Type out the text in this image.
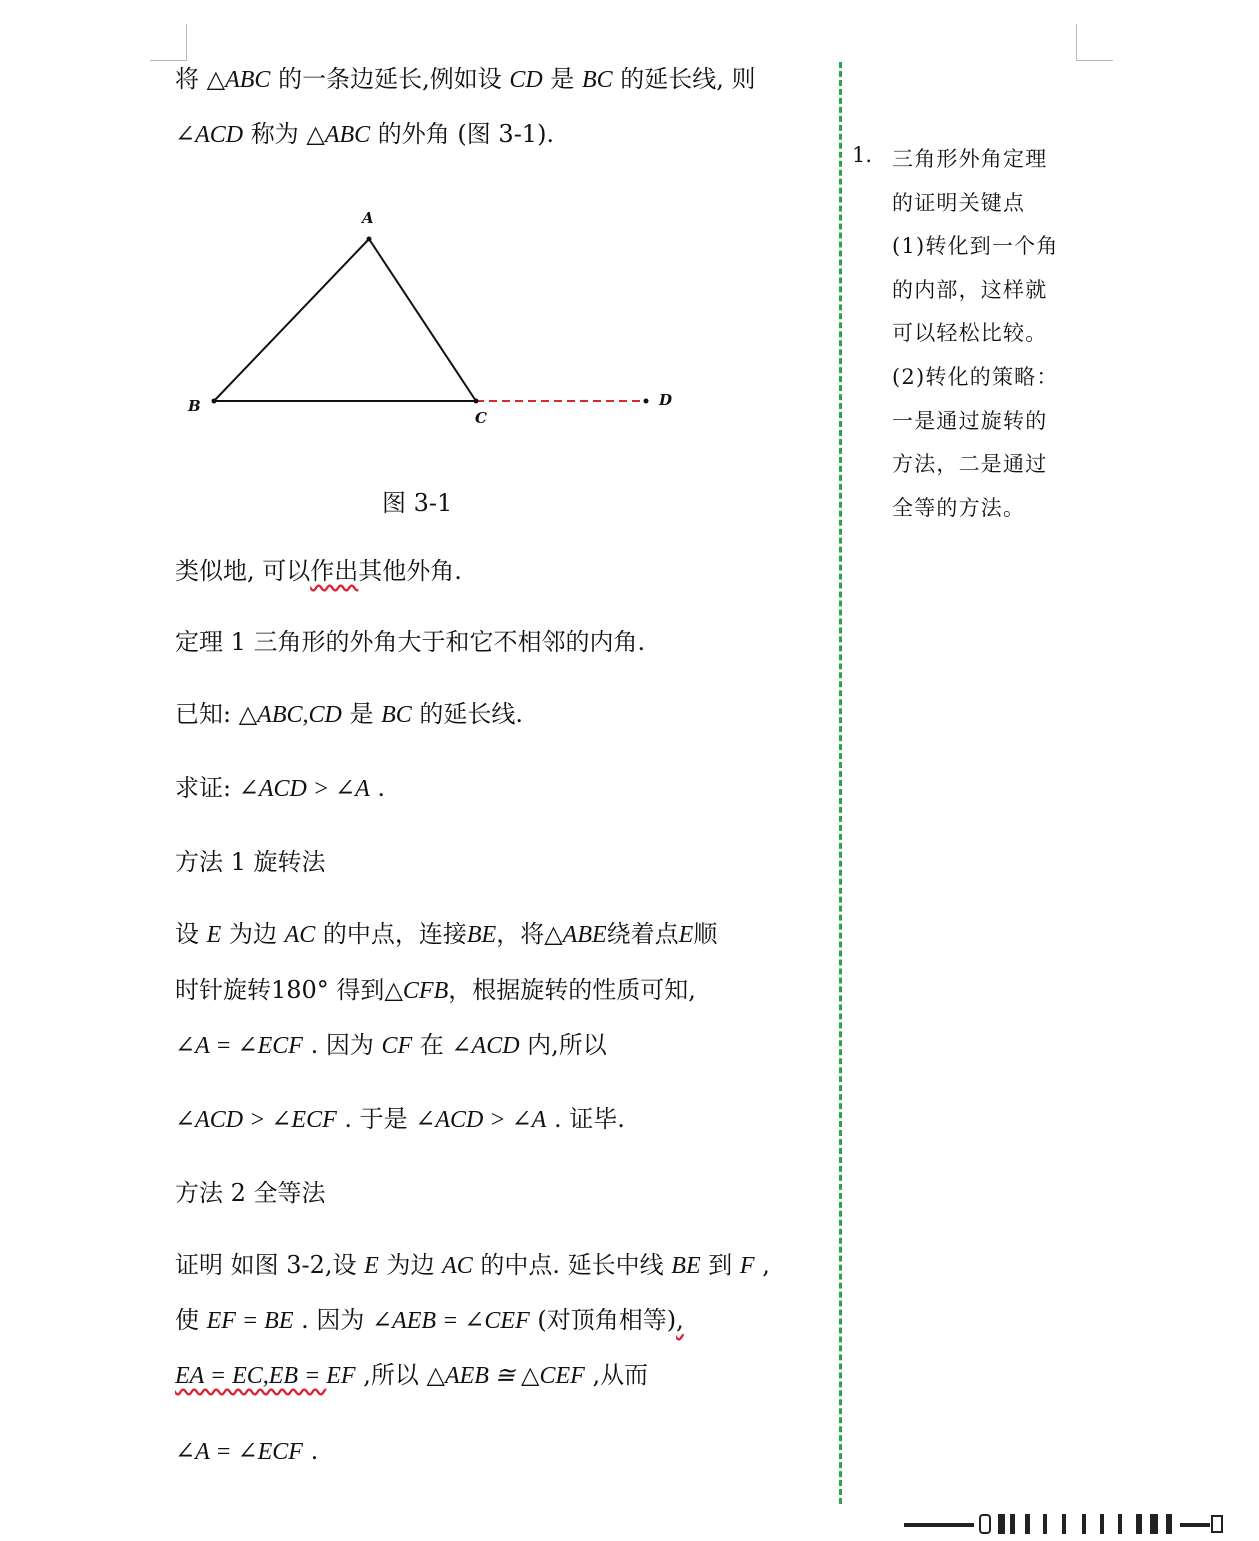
将 △ABC 的一条边延长,例如设 CD 是 BC 的延长线, 则
∠ACD 称为 △ABC 的外角 (图 3-1).
A
B
C
D
图 3-1
类似地, 可以作出其他外角.
定理 1 三角形的外角大于和它不相邻的内角.
已知: △ABC,CD 是 BC 的延长线.
求证: ∠ACD > ∠A .
方法 1 旋转法
设 E 为边 AC 的中点，连接BE，将△ABE绕着点E顺
时针旋转180° 得到△CFB，根据旋转的性质可知,
∠A = ∠ECF . 因为 CF 在 ∠ACD 内,所以
∠ACD > ∠ECF . 于是 ∠ACD > ∠A . 证毕.
方法 2 全等法
证明 如图 3-2,设 E 为边 AC 的中点. 延长中线 BE 到 F ,
使 EF = BE . 因为 ∠AEB = ∠CEF (对顶角相等),
EA = EC,EB = EF ,所以 △AEB ≅ △CEF ,从而
∠A = ∠ECF .
1. 三角形外角定理
的证明关键点
(1)转化到一个角
的内部，这样就
可以轻松比较。
(2)转化的策略：
一是通过旋转的
方法，二是通过
全等的方法。
